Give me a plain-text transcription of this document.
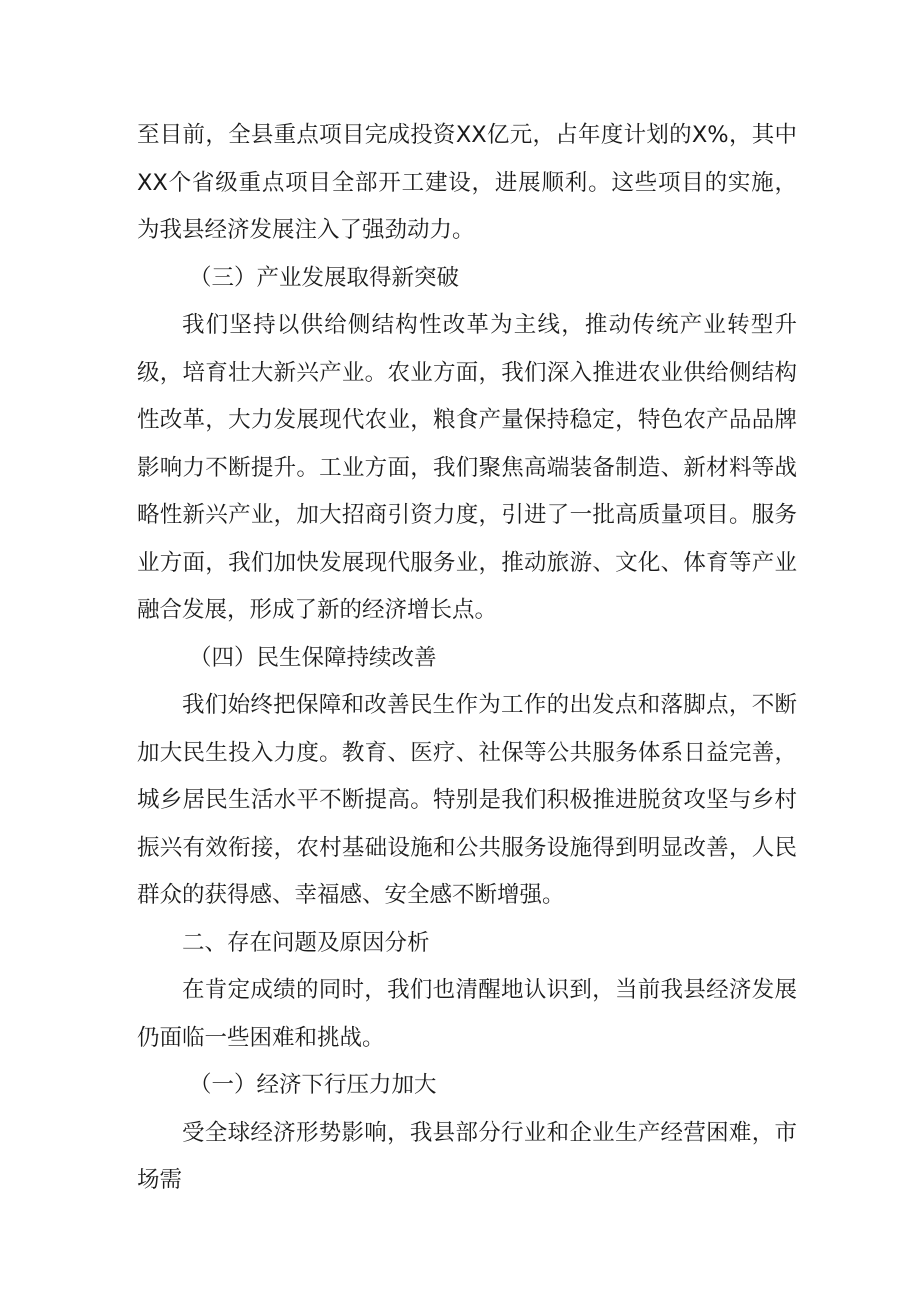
至目前，全县重点项目完成投资XX亿元，占年度计划的X%，其中XX个省级重点项目全部开工建设，进展顺利。这些项目的实施，为我县经济发展注入了强劲动力。

（三）产业发展取得新突破

我们坚持以供给侧结构性改革为主线，推动传统产业转型升级，培育壮大新兴产业。农业方面，我们深入推进农业供给侧结构性改革，大力发展现代农业，粮食产量保持稳定，特色农产品品牌影响力不断提升。工业方面，我们聚焦高端装备制造、新材料等战略性新兴产业，加大招商引资力度，引进了一批高质量项目。服务业方面，我们加快发展现代服务业，推动旅游、文化、体育等产业融合发展，形成了新的经济增长点。

（四）民生保障持续改善

我们始终把保障和改善民生作为工作的出发点和落脚点，不断加大民生投入力度。教育、医疗、社保等公共服务体系日益完善，城乡居民生活水平不断提高。特别是我们积极推进脱贫攻坚与乡村振兴有效衔接，农村基础设施和公共服务设施得到明显改善，人民群众的获得感、幸福感、安全感不断增强。

二、存在问题及原因分析

在肯定成绩的同时，我们也清醒地认识到，当前我县经济发展仍面临一些困难和挑战。

（一）经济下行压力加大

受全球经济形势影响，我县部分行业和企业生产经营困难，市场需
